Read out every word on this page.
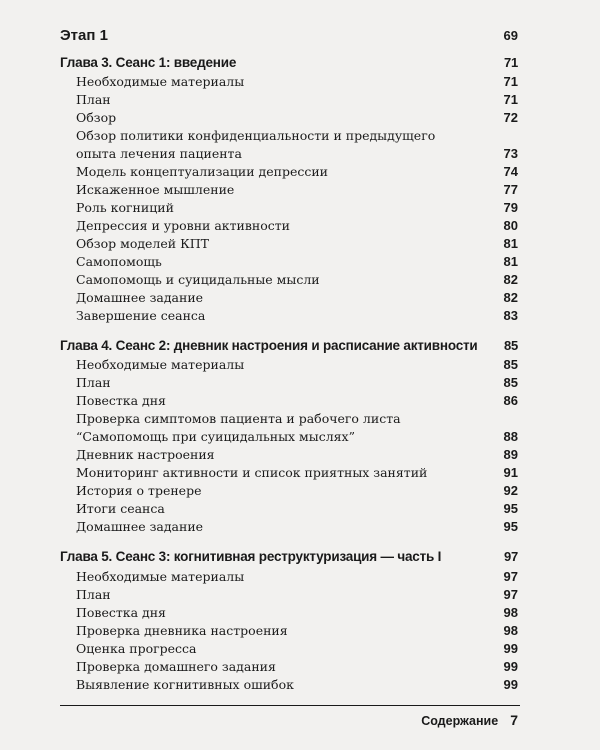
Этап 1	69
Глава 3. Сеанс 1: введение	71
Необходимые материалы	71
План	71
Обзор	72
Обзор политики конфиденциальности и предыдущего
опыта лечения пациента	73
Модель концептуализации депрессии	74
Искаженное мышление	77
Роль когниций	79
Депрессия и уровни активности	80
Обзор моделей КПТ	81
Самопомощь	81
Самопомощь и суицидальные мысли	82
Домашнее задание	82
Завершение сеанса	83
Глава 4. Сеанс 2: дневник настроения и расписание активности 85
Необходимые материалы	85
План	85
Повестка дня	86
Проверка симптомов пациента и рабочего листа
“Самопомощь при суицидальных мыслях”	88
Дневник настроения	89
Мониторинг активности и список приятных занятий	91
История о тренере	92
Итоги сеанса	95
Домашнее задание	95
Глава 5. Сеанс 3: когнитивная реструктуризация — часть I	97
Необходимые материалы	97
План	97
Повестка дня	98
Проверка дневника настроения	98
Оценка прогресса	99
Проверка домашнего задания	99
Выявление когнитивных ошибок	99
Содержание 7
